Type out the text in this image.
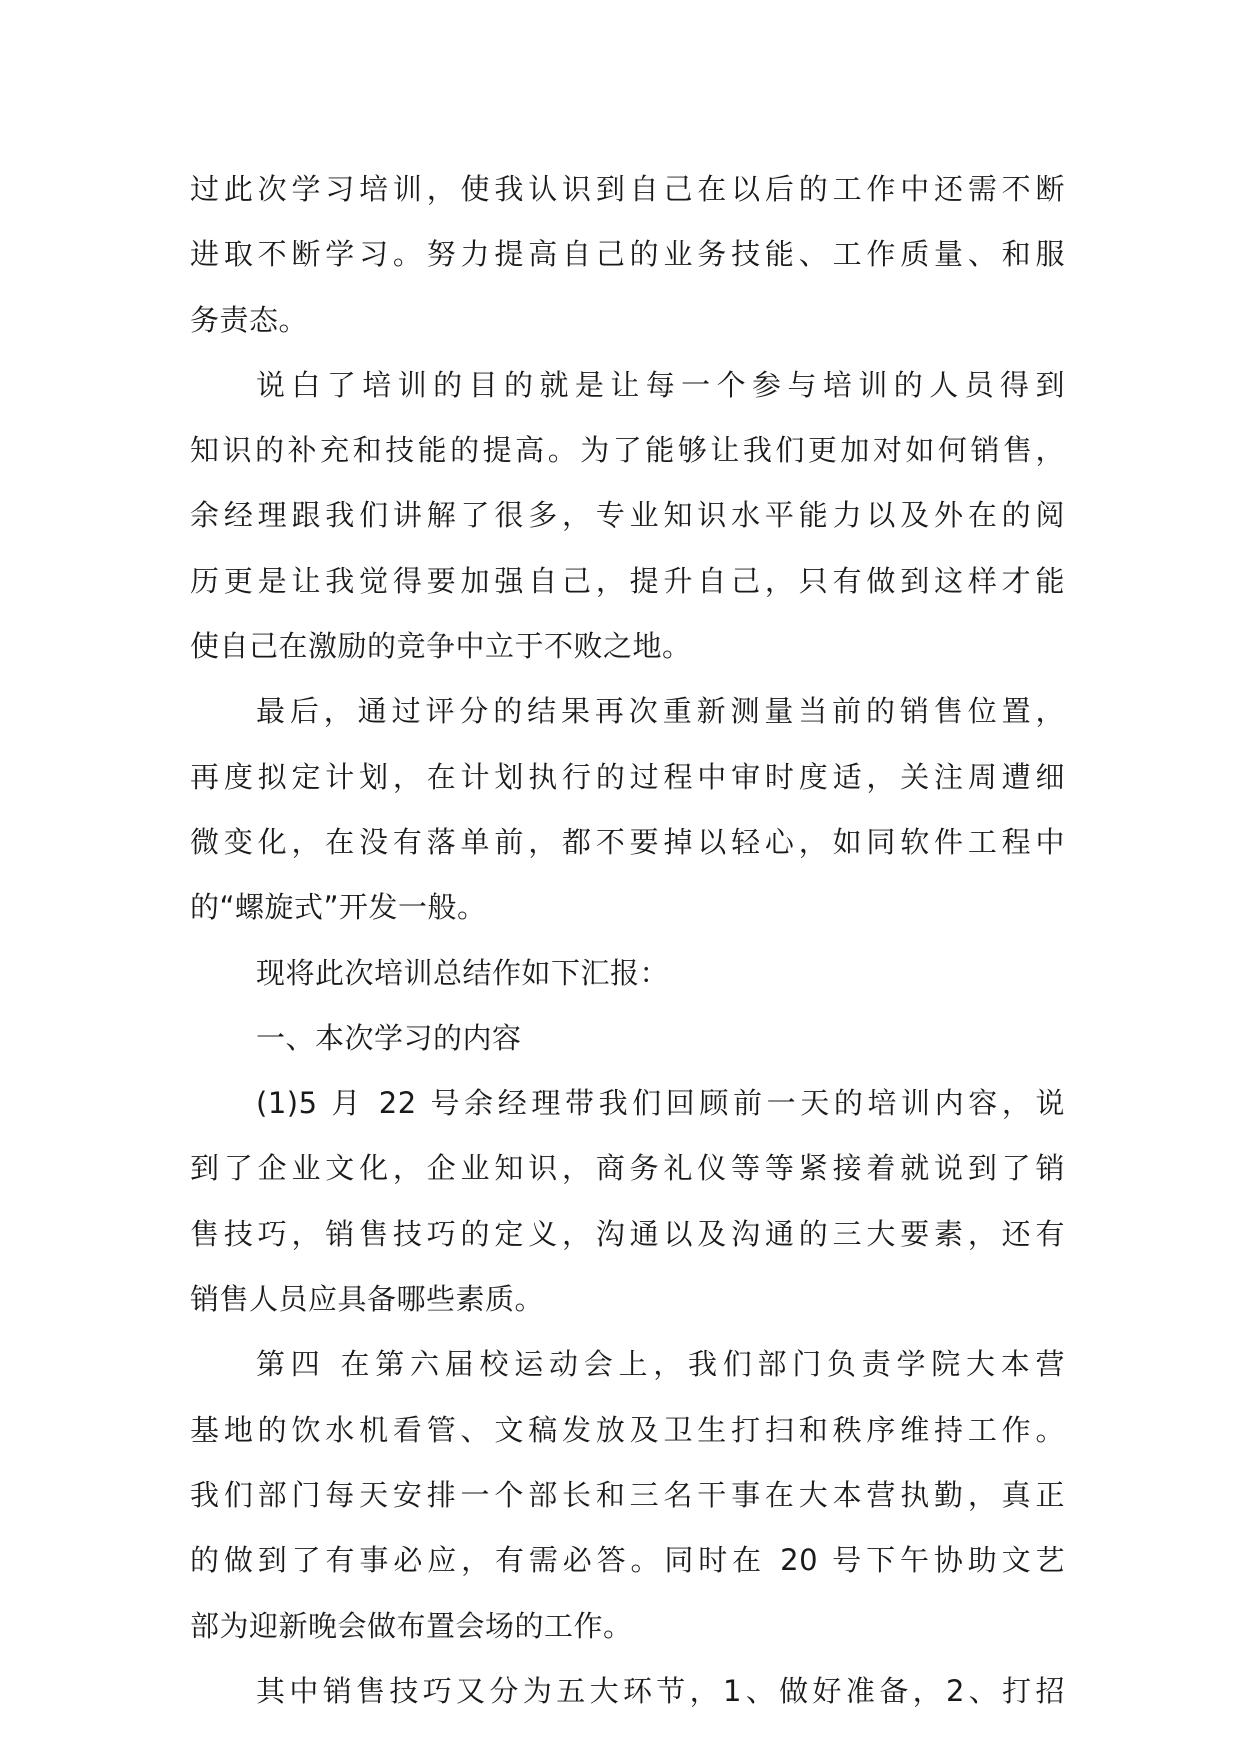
过此次学习培训，使我认识到自己在以后的工作中还需不断
进取不断学习。努力提高自己的业务技能、工作质量、和服
务责态。
说白了培训的目的就是让每一个参与培训的人员得到
知识的补充和技能的提高。为了能够让我们更加对如何销售，
余经理跟我们讲解了很多，专业知识水平能力以及外在的阅
历更是让我觉得要加强自己，提升自己，只有做到这样才能
使自己在激励的竞争中立于不败之地。
最后，通过评分的结果再次重新测量当前的销售位置，
再度拟定计划，在计划执行的过程中审时度适，关注周遭细
微变化，在没有落单前，都不要掉以轻心，如同软件工程中
的“螺旋式”开发一般。
现将此次培训总结作如下汇报：
一、本次学习的内容
(1)5 月 22 号余经理带我们回顾前一天的培训内容，说
到了企业文化，企业知识，商务礼仪等等紧接着就说到了销
售技巧，销售技巧的定义，沟通以及沟通的三大要素，还有
销售人员应具备哪些素质。
第四 在第六届校运动会上，我们部门负责学院大本营
基地的饮水机看管、文稿发放及卫生打扫和秩序维持工作。
我们部门每天安排一个部长和三名干事在大本营执勤，真正
的做到了有事必应，有需必答。同时在 20 号下午协助文艺
部为迎新晚会做布置会场的工作。
其中销售技巧又分为五大环节，1、做好准备，2、打招
